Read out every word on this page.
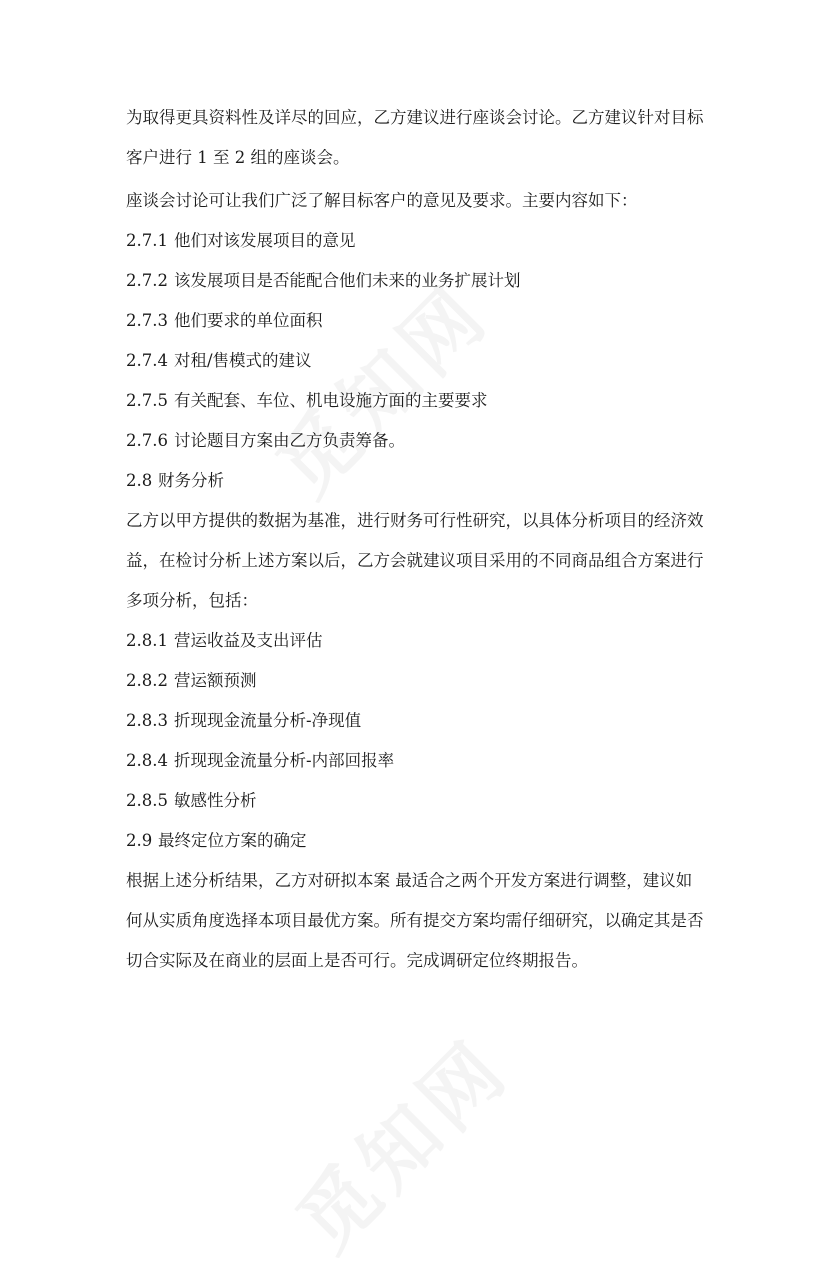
为取得更具资料性及详尽的回应，乙方建议进行座谈会讨论。乙方建议针对目标

客户进行 1 至 2 组的座谈会。

座谈会讨论可让我们广泛了解目标客户的意见及要求。主要内容如下：

2.7.1 他们对该发展项目的意见

2.7.2 该发展项目是否能配合他们未来的业务扩展计划

2.7.3 他们要求的单位面积

2.7.4 对租/售模式的建议

2.7.5 有关配套、车位、机电设施方面的主要要求

2.7.6 讨论题目方案由乙方负责筹备。

2.8 财务分析

乙方以甲方提供的数据为基准，进行财务可行性研究，以具体分析项目的经济效

益，在检讨分析上述方案以后，乙方会就建议项目采用的不同商品组合方案进行

多项分析，包括：

2.8.1 营运收益及支出评估

2.8.2 营运额预测

2.8.3 折现现金流量分析-净现值

2.8.4 折现现金流量分析-内部回报率

2.8.5 敏感性分析

2.9 最终定位方案的确定

根据上述分析结果，乙方对研拟本案 最适合之两个开发方案进行调整，建议如

何从实质角度选择本项目最优方案。所有提交方案均需仔细研究，以确定其是否

切合实际及在商业的层面上是否可行。完成调研定位终期报告。
